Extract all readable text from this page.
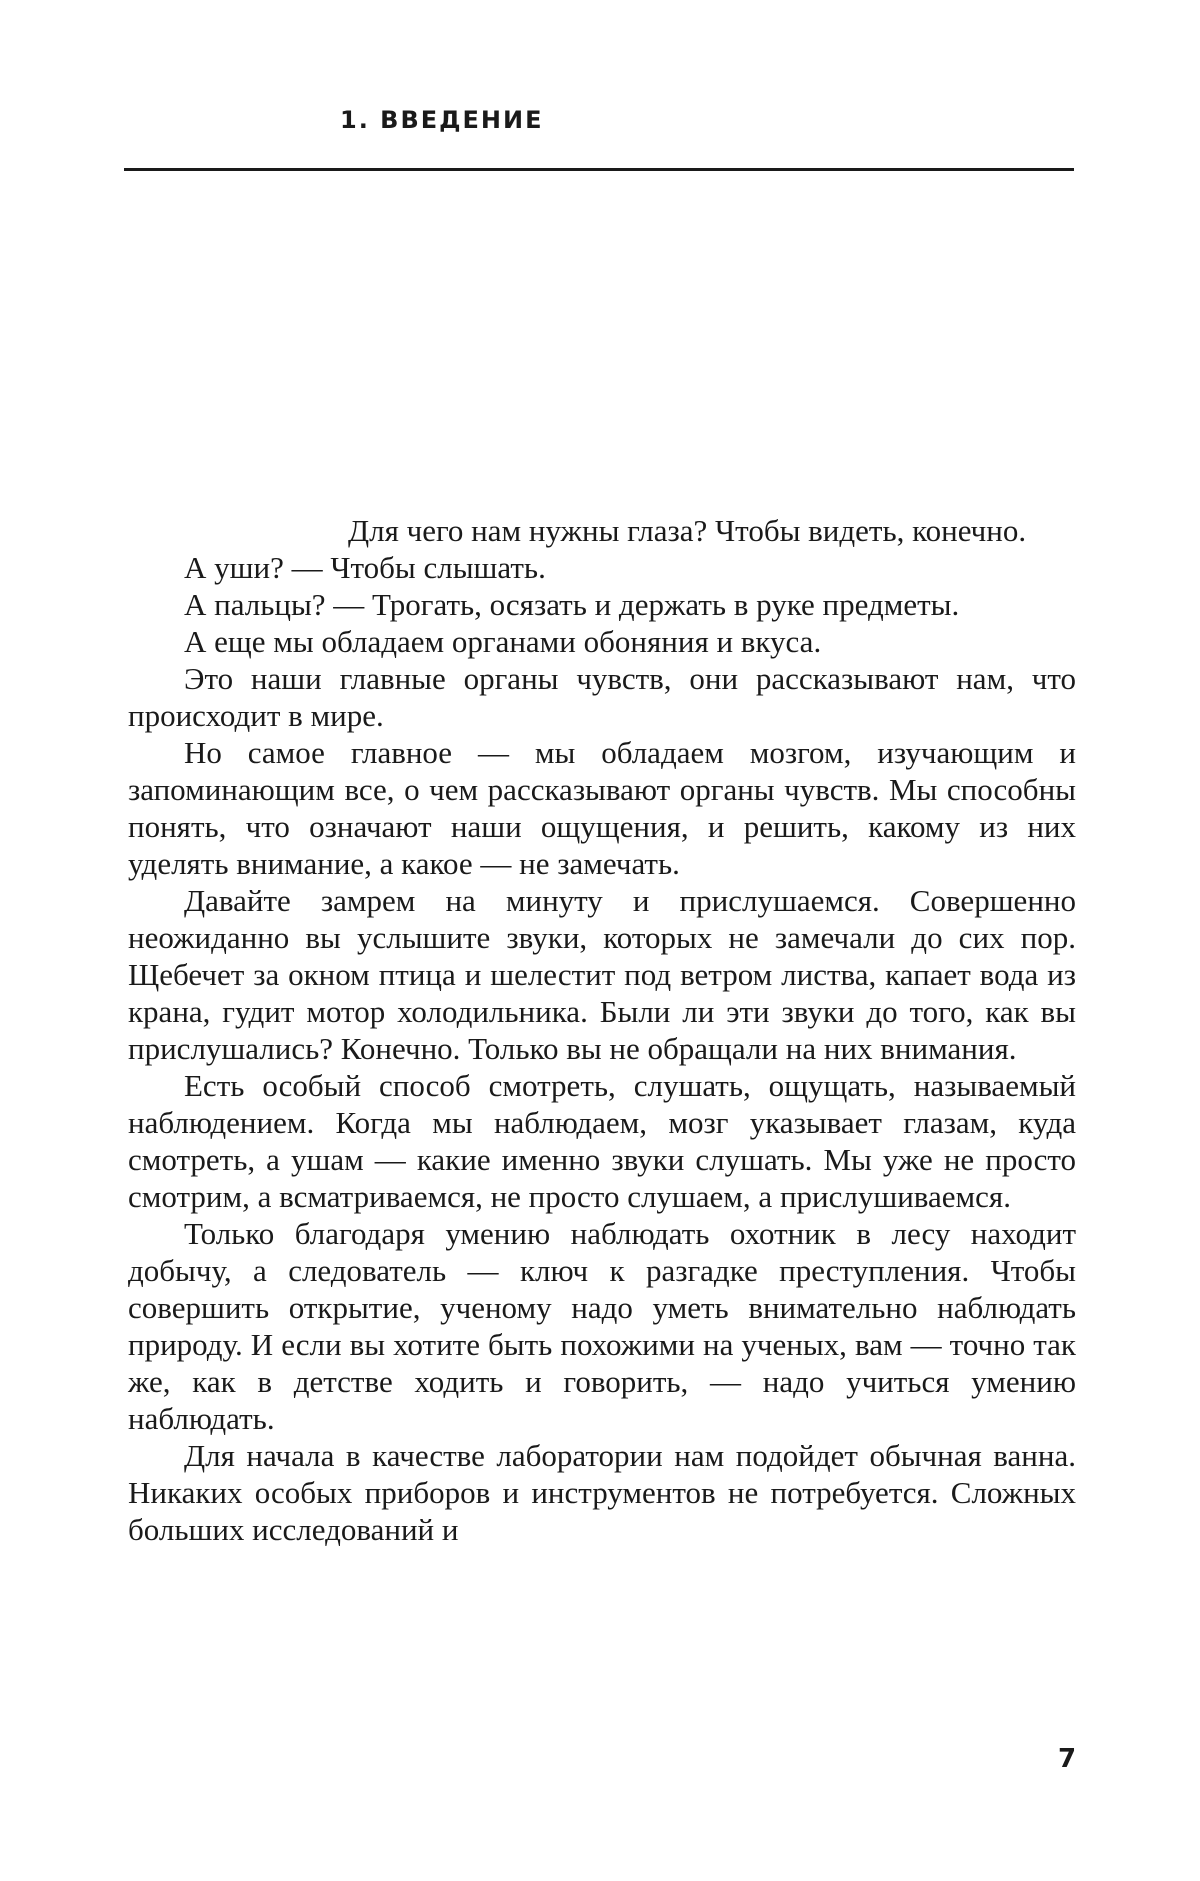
1. ВВЕДЕНИЕ

Для чего нам нужны глаза? Чтобы видеть, конечно.

А уши? — Чтобы слышать.

А пальцы? — Трогать, осязать и держать в руке предметы.

А еще мы обладаем органами обоняния и вкуса.

Это наши главные органы чувств, они рассказывают нам, что происходит в мире.

Но самое главное — мы обладаем мозгом, изучающим и запоминающим все, о чем рассказывают органы чувств. Мы способны понять, что означают наши ощущения, и решить, какому из них уделять внимание, а какое — не замечать.

Давайте замрем на минуту и прислушаемся. Совер­шенно неожиданно вы услышите звуки, которых не за­мечали до сих пор. Щебечет за окном птица и шелестит под ветром листва, капает вода из крана, гудит мотор холодильника. Были ли эти звуки до того, как вы прислушались? Конечно. Только вы не обращали на них внимания.

Есть особый способ смотреть, слушать, ощущать, на­зываемый наблюдением. Когда мы наблюдаем, мозг ука­зывает глазам, куда смотреть, а ушам — какие именно звуки слушать. Мы уже не просто смотрим, а всматри­ваемся, не просто слушаем, а прислушиваемся.

Только благодаря умению наблюдать охотник в лесу находит добычу, а следователь — ключ к разгадке пре­ступления. Чтобы совершить открытие, ученому надо уметь внимательно наблюдать природу. И если вы хотите быть похожими на ученых, вам — точно так же, как в дет­стве ходить и говорить, — надо учиться умению наблюдать.

Для начала в качестве лаборатории нам подойдет обычная ванна. Никаких особых приборов и инструмен­тов не потребуется. Сложных больших исследований и

7
